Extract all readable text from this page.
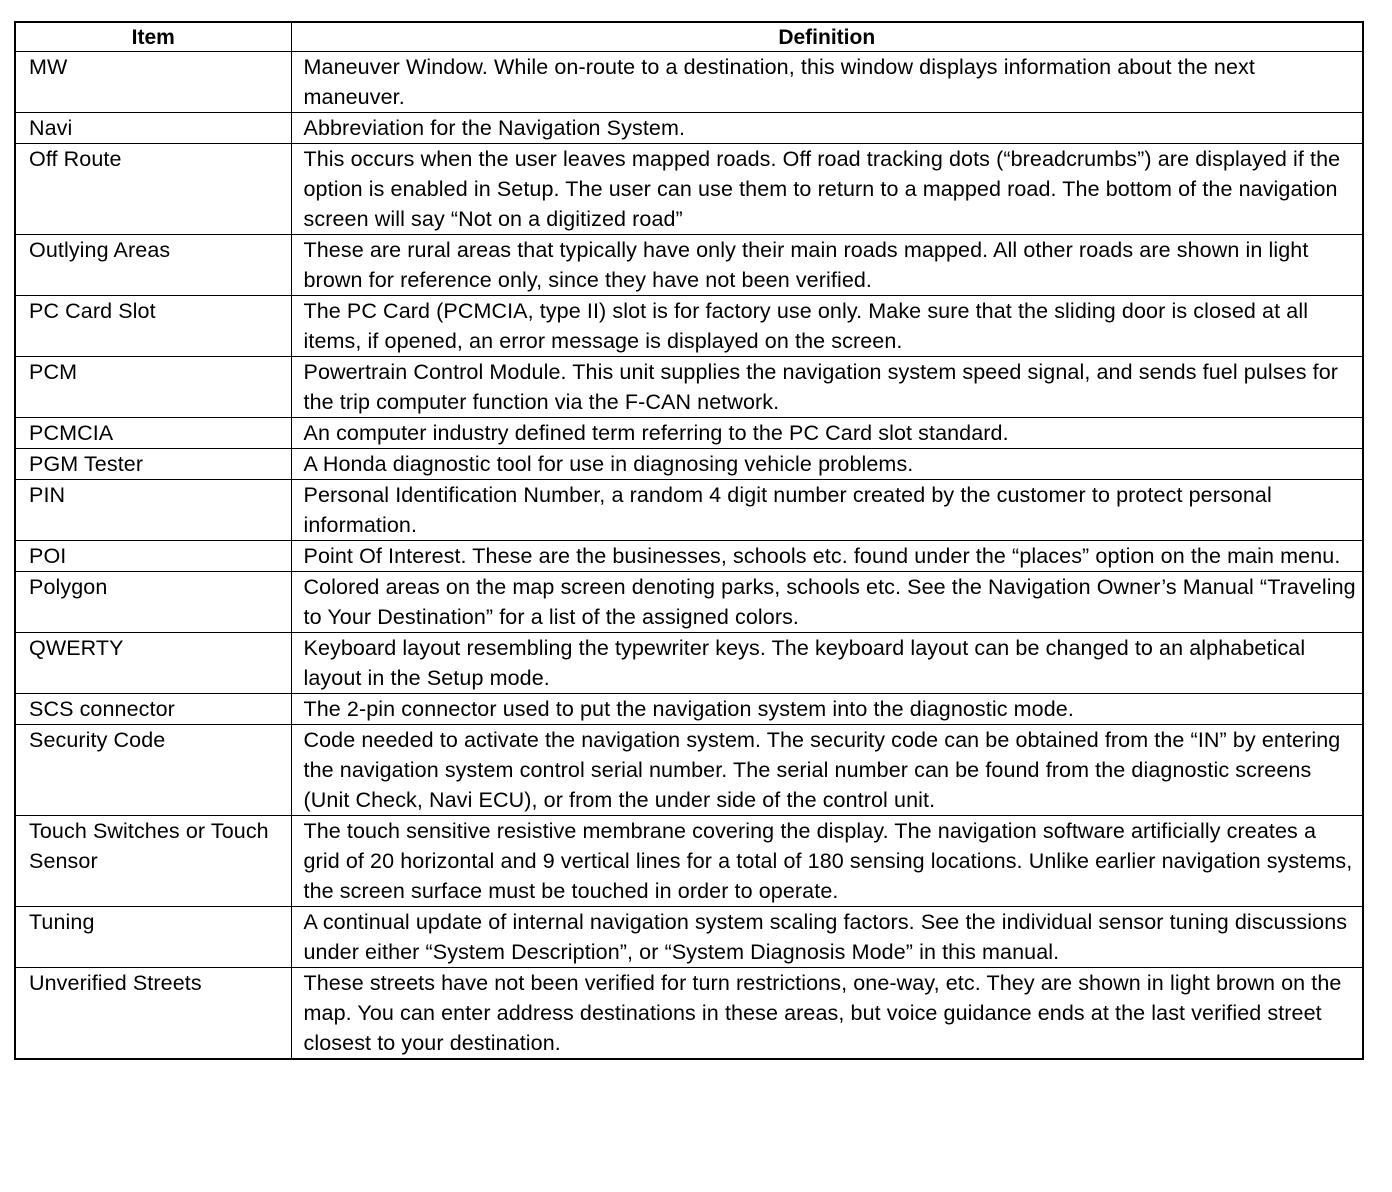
Item	Definition
MW	Maneuver Window. While on-route to a destination, this window displays information about the next maneuver.
Navi	Abbreviation for the Navigation System.
Off Route	This occurs when the user leaves mapped roads. Off road tracking dots (“breadcrumbs”) are displayed if the option is enabled in Setup. The user can use them to return to a mapped road. The bottom of the navigation screen will say “Not on a digitized road”
Outlying Areas	These are rural areas that typically have only their main roads mapped. All other roads are shown in light brown for reference only, since they have not been verified.
PC Card Slot	The PC Card (PCMCIA, type II) slot is for factory use only. Make sure that the sliding door is closed at all items, if opened, an error message is displayed on the screen.
PCM	Powertrain Control Module. This unit supplies the navigation system speed signal, and sends fuel pulses for the trip computer function via the F-CAN network.
PCMCIA	An computer industry defined term referring to the PC Card slot standard.
PGM Tester	A Honda diagnostic tool for use in diagnosing vehicle problems.
PIN	Personal Identification Number, a random 4 digit number created by the customer to protect personal information.
POI	Point Of Interest. These are the businesses, schools etc. found under the “places” option on the main menu.
Polygon	Colored areas on the map screen denoting parks, schools etc. See the Navigation Owner’s Manual “Traveling to Your Destination” for a list of the assigned colors.
QWERTY	Keyboard layout resembling the typewriter keys. The keyboard layout can be changed to an alphabetical layout in the Setup mode.
SCS connector	The 2-pin connector used to put the navigation system into the diagnostic mode.
Security Code	Code needed to activate the navigation system. The security code can be obtained from the “IN” by entering the navigation system control serial number. The serial number can be found from the diagnostic screens (Unit Check, Navi ECU), or from the under side of the control unit.
Touch Switches or Touch Sensor	The touch sensitive resistive membrane covering the display. The navigation software artificially creates a grid of 20 horizontal and 9 vertical lines for a total of 180 sensing locations. Unlike earlier navigation systems, the screen surface must be touched in order to operate.
Tuning	A continual update of internal navigation system scaling factors. See the individual sensor tuning discussions under either “System Description”, or “System Diagnosis Mode” in this manual.
Unverified Streets	These streets have not been verified for turn restrictions, one-way, etc. They are shown in light brown on the map. You can enter address destinations in these areas, but voice guidance ends at the last verified street closest to your destination.
